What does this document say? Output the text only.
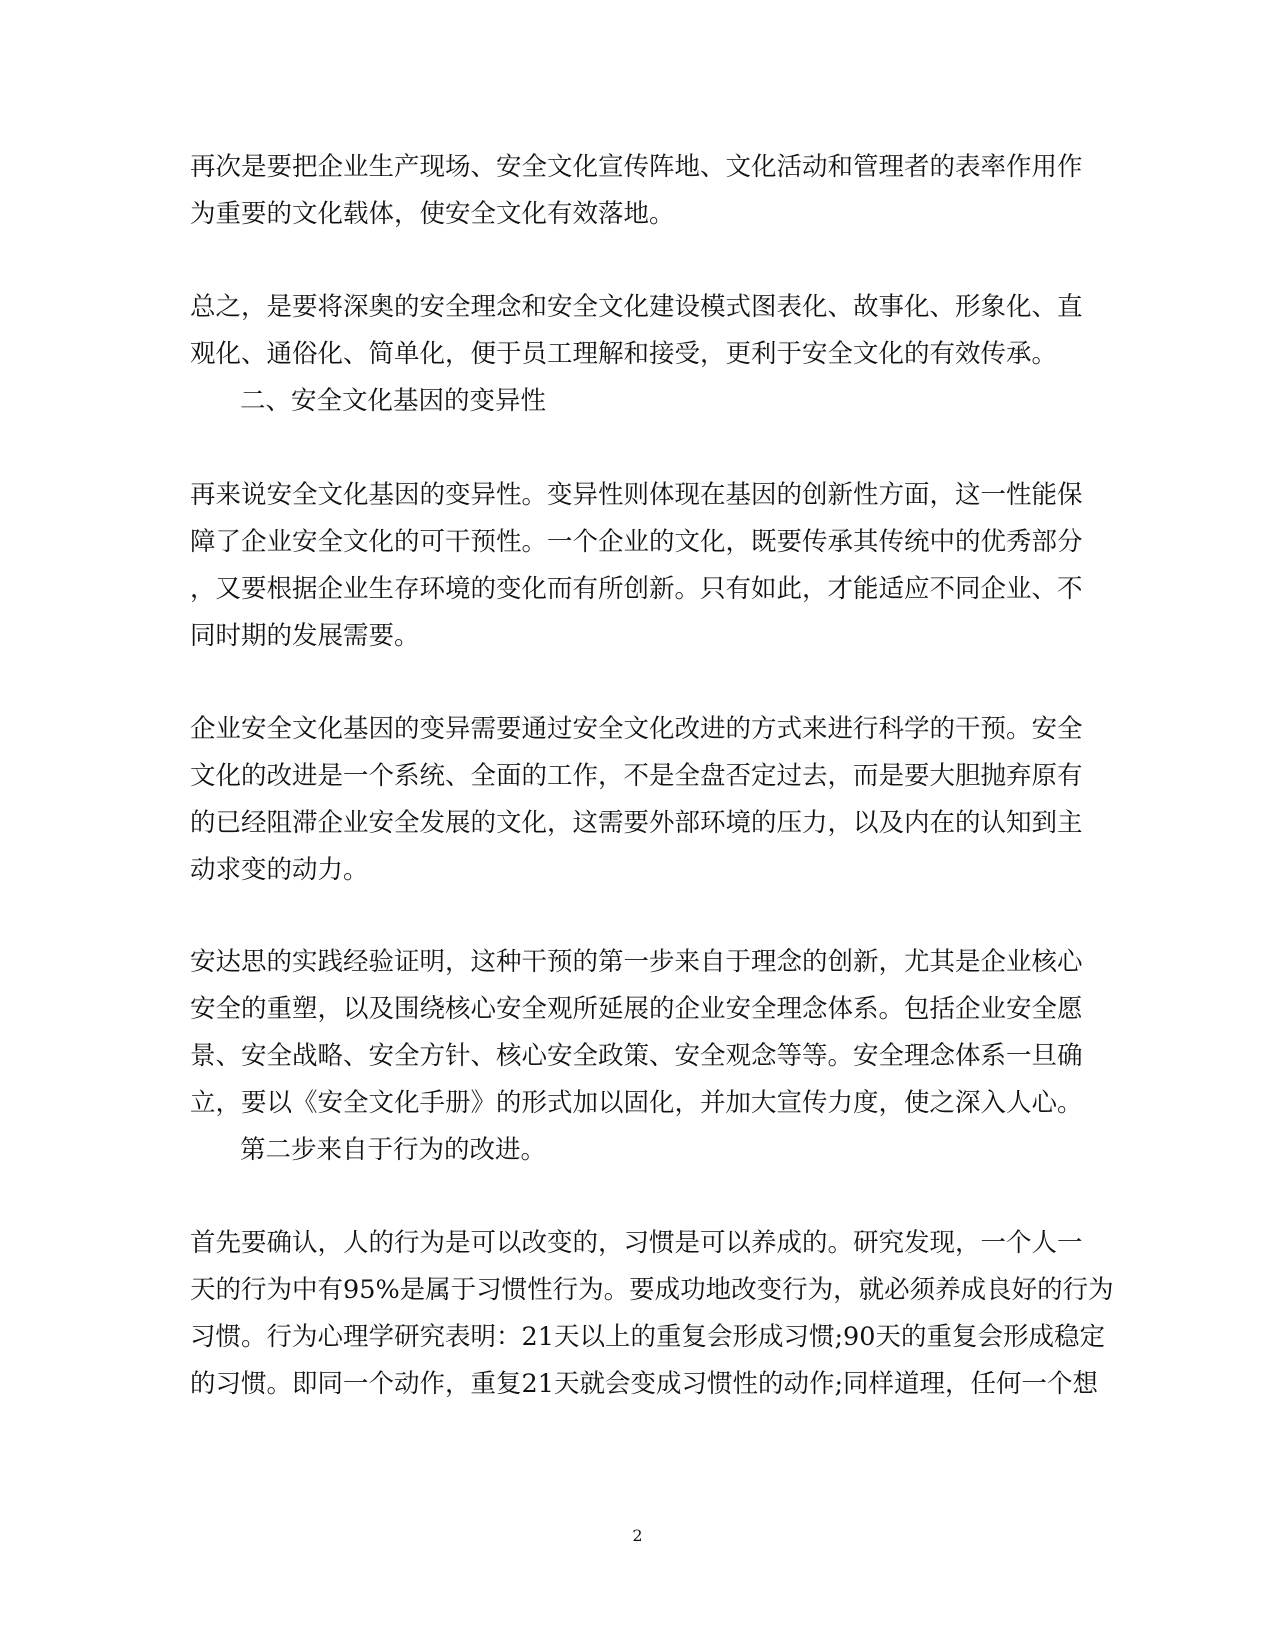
再次是要把企业生产现场、安全文化宣传阵地、文化活动和管理者的表率作用作
为重要的文化载体，使安全文化有效落地。
总之，是要将深奥的安全理念和安全文化建设模式图表化、故事化、形象化、直
观化、通俗化、简单化，便于员工理解和接受，更利于安全文化的有效传承。
二、安全文化基因的变异性
再来说安全文化基因的变异性。变异性则体现在基因的创新性方面，这一性能保
障了企业安全文化的可干预性。一个企业的文化，既要传承其传统中的优秀部分
，又要根据企业生存环境的变化而有所创新。只有如此，才能适应不同企业、不
同时期的发展需要。
企业安全文化基因的变异需要通过安全文化改进的方式来进行科学的干预。安全
文化的改进是一个系统、全面的工作，不是全盘否定过去，而是要大胆抛弃原有
的已经阻滞企业安全发展的文化，这需要外部环境的压力，以及内在的认知到主
动求变的动力。
安达思的实践经验证明，这种干预的第一步来自于理念的创新，尤其是企业核心
安全的重塑，以及围绕核心安全观所延展的企业安全理念体系。包括企业安全愿
景、安全战略、安全方针、核心安全政策、安全观念等等。安全理念体系一旦确
立，要以《安全文化手册》的形式加以固化，并加大宣传力度，使之深入人心。
第二步来自于行为的改进。
首先要确认，人的行为是可以改变的，习惯是可以养成的。研究发现，一个人一
天的行为中有95%是属于习惯性行为。要成功地改变行为，就必须养成良好的行为
习惯。行为心理学研究表明：21天以上的重复会形成习惯;90天的重复会形成稳定
的习惯。即同一个动作，重复21天就会变成习惯性的动作;同样道理，任何一个想
2
